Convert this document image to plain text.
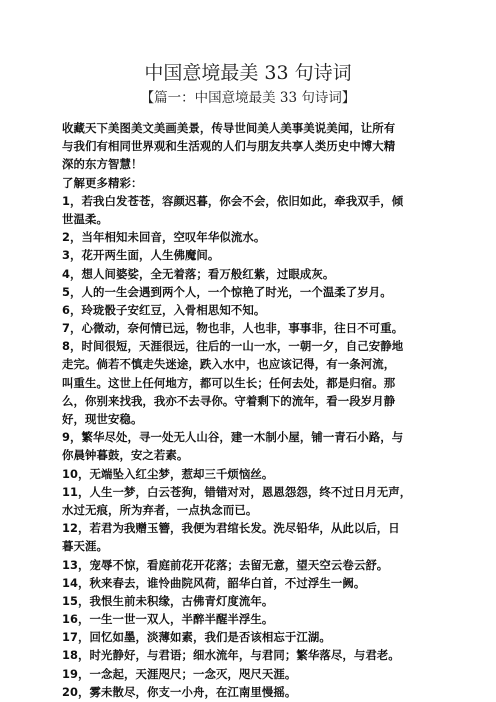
中国意境最美 33 句诗词
【篇一：中国意境最美 33 句诗词】
收藏天下美图美文美画美景，传导世间美人美事美说美闻，让所有
与我们有相同世界观和生活观的人们与朋友共享人类历史中博大精
深的东方智慧！
了解更多精彩：
1，若我白发苍苍，容颜迟暮，你会不会，依旧如此，牵我双手，倾
世温柔。
2，当年相知未回音，空叹年华似流水。
3，花开两生面，人生佛魔间。
4，想人间婆娑，全无着落；看万般红紫，过眼成灰。
5，人的一生会遇到两个人，一个惊艳了时光，一个温柔了岁月。
6，玲珑骰子安红豆，入骨相思知不知。
7，心微动，奈何情已远，物也非，人也非，事事非，往日不可重。
8，时间很短，天涯很远，往后的一山一水，一朝一夕，自己安静地
走完。倘若不慎走失迷途，跌入水中，也应该记得，有一条河流，
叫重生。这世上任何地方，都可以生长；任何去处，都是归宿。那
么，你别来找我，我亦不去寻你。守着剩下的流年，看一段岁月静
好，现世安稳。
9，繁华尽处，寻一处无人山谷，建一木制小屋，铺一青石小路，与
你晨钟暮鼓，安之若素。
10，无端坠入红尘梦，惹却三千烦恼丝。
11，人生一梦，白云苍狗，错错对对，恩恩怨怨，终不过日月无声，
水过无痕，所为弃者，一点执念而已。
12，若君为我赠玉簪，我便为君绾长发。洗尽铅华，从此以后，日
暮天涯。
13，宠辱不惊，看庭前花开花落；去留无意，望天空云卷云舒。
14，秋来春去，谁怜曲院风荷，韶华白首，不过浮生一阙。
15，我恨生前未积缘，古佛青灯度流年。
16，一生一世一双人，半醉半醒半浮生。
17，回忆如墨，淡薄如素，我们是否该相忘于江湖。
18，时光静好，与君语；细水流年，与君同；繁华落尽，与君老。
19，一念起，天涯咫尺；一念灭，咫尺天涯。
20，雾未散尽，你支一小舟，在江南里慢摇。
